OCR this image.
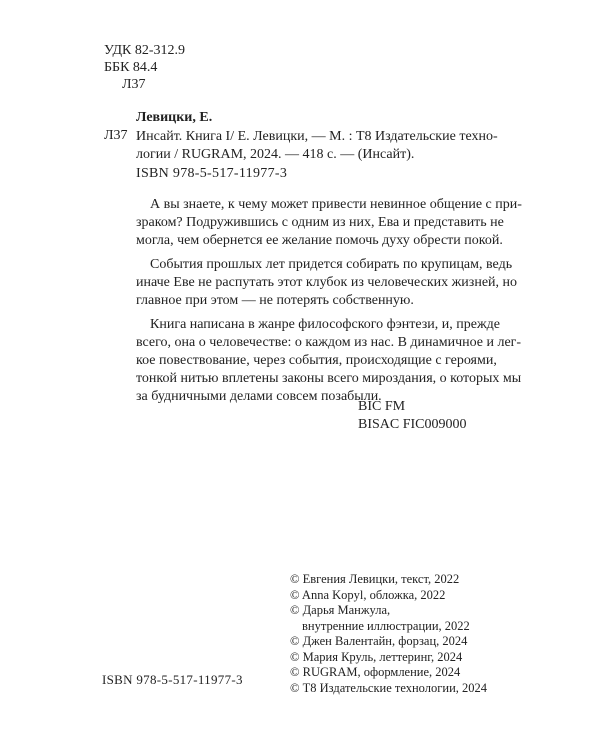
УДК 82-312.9
ББК 84.4
Л37
Левицки, Е.
Л37 Инсайт. Книга I/ Е. Левицки, — М. : Т8 Издательские техно-
логии / RUGRAM, 2024. — 418 с. — (Инсайт).
ISBN 978-5-517-11977-3
А вы знаете, к чему может привести невинное общение с при-
зраком? Подружившись с одним из них, Ева и представить не
могла, чем обернется ее желание помочь духу обрести покой.
События прошлых лет придется собирать по крупицам, ведь
иначе Еве не распутать этот клубок из человеческих жизней, но
главное при этом — не потерять собственную.
Книга написана в жанре философского фэнтези, и, прежде
всего, она о человечестве: о каждом из нас. В динамичное и лег-
кое повествование, через события, происходящие с героями,
тонкой нитью вплетены законы всего мироздания, о которых мы
за будничными делами совсем позабыли.
BIC FM
BISAC FIC009000
© Евгения Левицки, текст, 2022
© Anna Kopyl, обложка, 2022
© Дарья Манжула,
внутренние иллюстрации, 2022
© Джен Валентайн, форзац, 2024
© Мария Круль, леттеринг, 2024
© RUGRAM, оформление, 2024
© Т8 Издательские технологии, 2024
ISBN 978-5-517-11977-3
